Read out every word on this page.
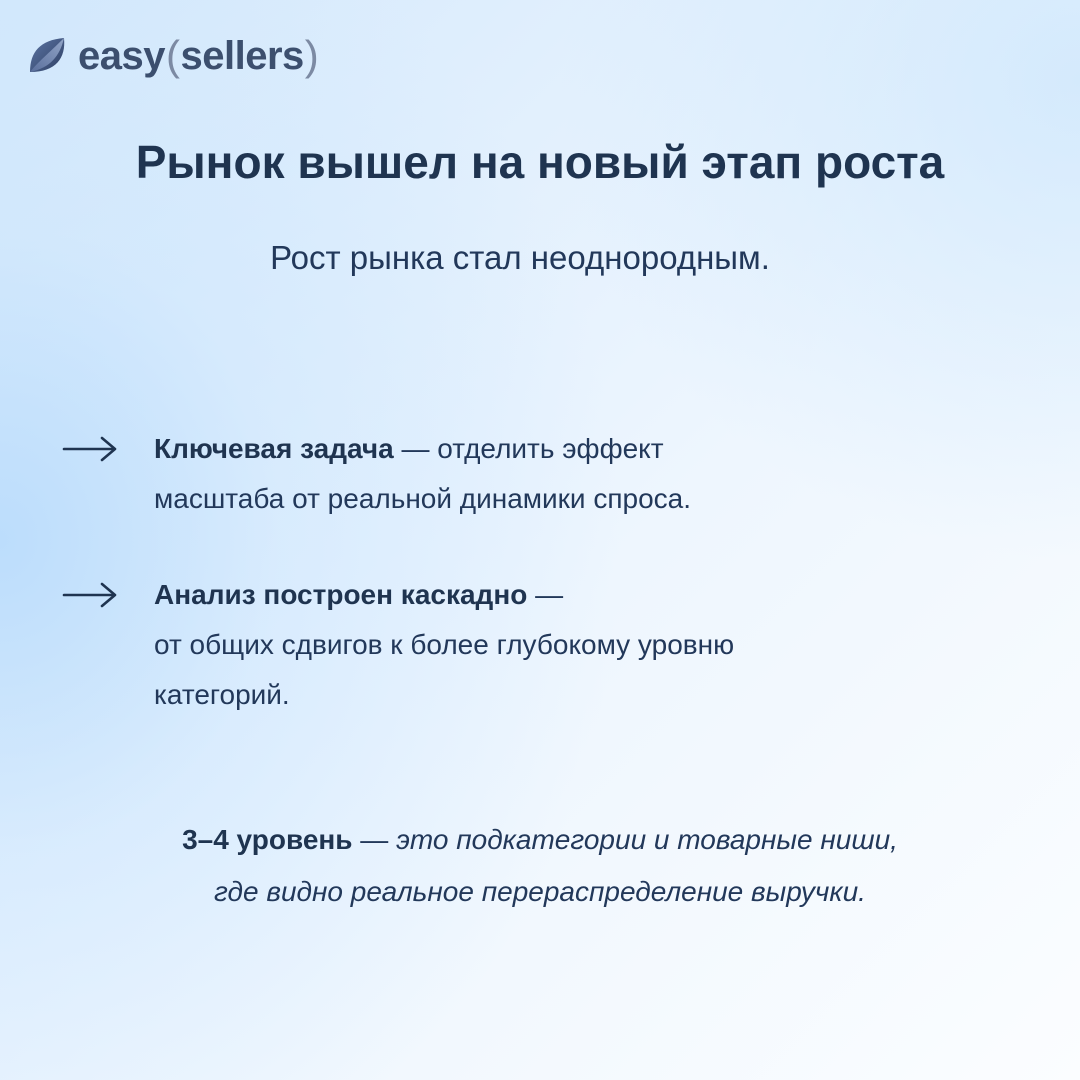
easy ( sellers )
Рынок вышел на новый этап роста

Рост рынка стал неоднородным.

Ключевая задача — отделить эффект
масштаба от реальной динамики спроса.
Анализ построен каскадно —
от общих сдвигов к более глубокому уровню
категорий.
3–4 уровень — это подкатегории и товарные ниши,
где видно реальное перераспределение выручки.
